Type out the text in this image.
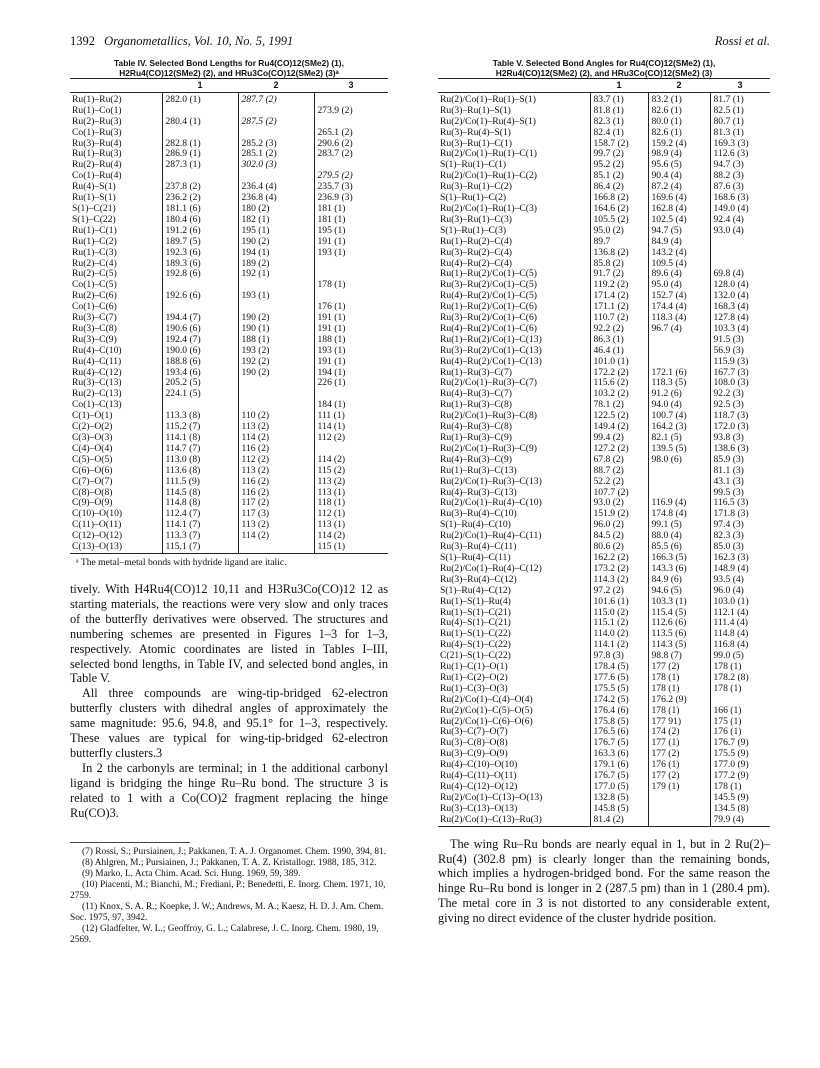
1392 Organometallics, Vol. 10, No. 5, 1991	Rossi et al.
Table IV. Selected Bond Lengths for Ru4(CO)12(SMe2) (1),
H2Ru4(CO)12(SMe2) (2), and HRu3Co(CO)12(SMe2) (3)ᵃ
	1	2	3
Ru(1)–Ru(2)	282.0 (1)	287.7 (2)	
Ru(1)–Co(1)			273.9 (2)
Ru(2)–Ru(3)	280.4 (1)	287.5 (2)	
Co(1)–Ru(3)			265.1 (2)
Ru(3)–Ru(4)	282.8 (1)	285.2 (3)	290.6 (2)
Ru(1)–Ru(3)	286.9 (1)	285.1 (2)	283.7 (2)
Ru(2)–Ru(4)	287.3 (1)	302.0 (3)	
Co(1)–Ru(4)			279.5 (2)
Ru(4)–S(1)	237.8 (2)	236.4 (4)	235.7 (3)
Ru(1)–S(1)	236.2 (2)	236.8 (4)	236.9 (3)
S(1)–C(21)	181.1 (6)	180 (2)	181 (1)
S(1)–C(22)	180.4 (6)	182 (1)	181 (1)
Ru(1)–C(1)	191.2 (6)	195 (1)	195 (1)
Ru(1)–C(2)	189.7 (5)	190 (2)	191 (1)
Ru(1)–C(3)	192.3 (6)	194 (1)	193 (1)
Ru(2)–C(4)	189.3 (6)	189 (2)	
Ru(2)–C(5)	192.8 (6)	192 (1)	
Co(1)–C(5)			178 (1)
Ru(2)–C(6)	192.6 (6)	193 (1)	
Co(1)–C(6)			176 (1)
Ru(3)–C(7)	194.4 (7)	190 (2)	191 (1)
Ru(3)–C(8)	190.6 (6)	190 (1)	191 (1)
Ru(3)–C(9)	192.4 (7)	188 (1)	188 (1)
Ru(4)–C(10)	190.0 (6)	193 (2)	193 (1)
Ru(4)–C(11)	188.8 (6)	192 (2)	191 (1)
Ru(4)–C(12)	193.4 (6)	190 (2)	194 (1)
Ru(3)–C(13)	205.2 (5)		226 (1)
Ru(2)–C(13)	224.1 (5)		
Co(1)–C(13)			184 (1)
C(1)–O(1)	113.3 (8)	110 (2)	111 (1)
C(2)–O(2)	115.2 (7)	113 (2)	114 (1)
C(3)–O(3)	114.1 (8)	114 (2)	112 (2)
C(4)–O(4)	114.7 (7)	116 (2)	
C(5)–O(5)	113.0 (8)	112 (2)	114 (2)
C(6)–O(6)	113.6 (8)	113 (2)	115 (2)
C(7)–O(7)	111.5 (9)	116 (2)	113 (2)
C(8)–O(8)	114.5 (8)	116 (2)	113 (1)
C(9)–O(9)	114.8 (8)	117 (2)	118 (1)
C(10)–O(10)	112.4 (7)	117 (3)	112 (1)
C(11)–O(11)	114.1 (7)	113 (2)	113 (1)
C(12)–O(12)	113.3 (7)	114 (2)	114 (2)
C(13)–O(13)	115.1 (7)		115 (1)
ᵃ The metal–metal bonds with hydride ligand are italic.

tively. With H4Ru4(CO)12 10,11 and H3Ru3Co(CO)12 12 as starting materials, the reactions were very slow and only traces of the butterfly derivatives were observed. The structures and numbering schemes are presented in Figures 1–3 for 1–3, respectively. Atomic coordinates are listed in Tables I–III, selected bond lengths, in Table IV, and selected bond angles, in Table V.

All three compounds are wing-tip-bridged 62-electron butterfly clusters with dihedral angles of approximately the same magnitude: 95.6, 94.8, and 95.1° for 1–3, respectively. These values are typical for wing-tip-bridged 62-electron butterfly clusters.3

In 2 the carbonyls are terminal; in 1 the additional carbonyl ligand is bridging the hinge Ru–Ru bond. The structure 3 is related to 1 with a Co(CO)2 fragment replacing the hinge Ru(CO)3.

(7) Rossi, S.; Pursiainen, J.; Pakkanen, T. A. J. Organomet. Chem. 1990, 394, 81.

(8) Ahlgren, M.; Pursiainen, J.; Pakkanen, T. A. Z. Kristallogr. 1988, 185, 312.

(9) Marko, L. Acta Chim. Acad. Sci. Hung. 1969, 59, 389.

(10) Piacenti, M.; Bianchi, M.; Frediani, P.; Benedetti, E. Inorg. Chem. 1971, 10, 2759.

(11) Knox, S. A. R.; Koepke, J. W.; Andrews, M. A.; Kaesz, H. D. J. Am. Chem. Soc. 1975, 97, 3942.

(12) Gladfelter, W. L.; Geoffroy, G. L.; Calabrese, J. C. Inorg. Chem. 1980, 19, 2569.

Table V. Selected Bond Angles for Ru4(CO)12(SMe2) (1),
H2Ru4(CO)12(SMe2) (2), and HRu3Co(CO)12(SMe2) (3)
	1	2	3
Ru(2)/Co(1)–Ru(1)–S(1)	83.7 (1)	83.2 (1)	81.7 (1)
Ru(3)–Ru(1)–S(1)	81.8 (1)	82.6 (1)	82.5 (1)
Ru(2)/Co(1)–Ru(4)–S(1)	82.3 (1)	80.0 (1)	80.7 (1)
Ru(3)–Ru(4)–S(1)	82.4 (1)	82.6 (1)	81.3 (1)
Ru(3)–Ru(1)–C(1)	158.7 (2)	159.2 (4)	169.3 (3)
Ru(2)/Co(1)–Ru(1)–C(1)	99.7 (2)	98.9 (4)	112.6 (3)
S(1)–Ru(1)–C(1)	95.2 (2)	95.6 (5)	94.7 (3)
Ru(2)/Co(1)–Ru(1)–C(2)	85.1 (2)	90.4 (4)	88.2 (3)
Ru(3)–Ru(1)–C(2)	86.4 (2)	87.2 (4)	87.6 (3)
S(1)–Ru(1)–C(2)	166.8 (2)	169.6 (4)	168.6 (3)
Ru(2)/Co(1)–Ru(1)–C(3)	164.6 (2)	162.8 (4)	149.0 (4)
Ru(3)–Ru(1)–C(3)	105.5 (2)	102.5 (4)	92.4 (4)
S(1)–Ru(1)–C(3)	95.0 (2)	94.7 (5)	93.0 (4)
Ru(1)–Ru(2)–C(4)	89.7	84.9 (4)	
Ru(3)–Ru(2)–C(4)	136.8 (2)	143.2 (4)	
Ru(4)–Ru(2)–C(4)	85.8 (2)	109.5 (4)	
Ru(1)–Ru(2)/Co(1)–C(5)	91.7 (2)	89.6 (4)	69.8 (4)
Ru(3)–Ru(2)/Co(1)–C(5)	119.2 (2)	95.0 (4)	128.0 (4)
Ru(4)–Ru(2)/Co(1)–C(5)	171.4 (2)	152.7 (4)	132.0 (4)
Ru(1)–Ru(2)/Co(1)–C(6)	171.1 (2)	174.4 (4)	168.3 (4)
Ru(3)–Ru(2)/Co(1)–C(6)	110.7 (2)	118.3 (4)	127.8 (4)
Ru(4)–Ru(2)/Co(1)–C(6)	92.2 (2)	96.7 (4)	103.3 (4)
Ru(1)–Ru(2)/Co(1)–C(13)	86.3 (1)		91.5 (3)
Ru(3)–Ru(2)/Co(1)–C(13)	46.4 (1)		56.9 (3)
Ru(4)–Ru(2)/Co(1)–C(13)	101.0 (1)		115.9 (3)
Ru(1)–Ru(3)–C(7)	172.2 (2)	172.1 (6)	167.7 (3)
Ru(2)/Co(1)–Ru(3)–C(7)	115.6 (2)	118.3 (5)	108.0 (3)
Ru(4)–Ru(3)–C(7)	103.2 (2)	91.2 (6)	92.2 (3)
Ru(1)–Ru(3)–C(8)	78.1 (2)	94.0 (4)	92.5 (3)
Ru(2)/Co(1)–Ru(3)–C(8)	122.5 (2)	100.7 (4)	118.7 (3)
Ru(4)–Ru(3)–C(8)	149.4 (2)	164.2 (3)	172.0 (3)
Ru(1)–Ru(3)–C(9)	99.4 (2)	82.1 (5)	93.8 (3)
Ru(2)/Co(1)–Ru(3)–C(9)	127.2 (2)	139.5 (5)	138.6 (3)
Ru(4)–Ru(3)–C(9)	67.8 (2)	98.0 (6)	85.9 (3)
Ru(1)–Ru(3)–C(13)	88.7 (2)		81.1 (3)
Ru(2)/Co(1)–Ru(3)–C(13)	52.2 (2)		43.1 (3)
Ru(4)–Ru(3)–C(13)	107.7 (2)		99.5 (3)
Ru(2)/Co(1)–Ru(4)–C(10)	93.0 (2)	116.9 (4)	116.5 (3)
Ru(3)–Ru(4)–C(10)	151.9 (2)	174.8 (4)	171.8 (3)
S(1)–Ru(4)–C(10)	96.0 (2)	99.1 (5)	97.4 (3)
Ru(2)/Co(1)–Ru(4)–C(11)	84.5 (2)	88.0 (4)	82.3 (3)
Ru(3)–Ru(4)–C(11)	80.6 (2)	85.5 (6)	85.0 (3)
S(1)–Ru(4)–C(11)	162.2 (2)	166.3 (5)	162.3 (3)
Ru(2)/Co(1)–Ru(4)–C(12)	173.2 (2)	143.3 (6)	148.9 (4)
Ru(3)–Ru(4)–C(12)	114.3 (2)	84.9 (6)	93.5 (4)
S(1)–Ru(4)–C(12)	97.2 (2)	94.6 (5)	96.0 (4)
Ru(1)–S(1)–Ru(4)	101.6 (1)	103.3 (1)	103.0 (1)
Ru(1)–S(1)–C(21)	115.0 (2)	115.4 (5)	112.1 (4)
Ru(4)–S(1)–C(21)	115.1 (2)	112.6 (6)	111.4 (4)
Ru(1)–S(1)–C(22)	114.0 (2)	113.5 (6)	114.8 (4)
Ru(4)–S(1)–C(22)	114.1 (2)	114.3 (5)	116.8 (4)
C(21)–S(1)–C(22)	97.8 (3)	98.8 (7)	99.0 (5)
Ru(1)–C(1)–O(1)	178.4 (5)	177 (2)	178 (1)
Ru(1)–C(2)–O(2)	177.6 (5)	178 (1)	178.2 (8)
Ru(1)–C(3)–O(3)	175.5 (5)	178 (1)	178 (1)
Ru(2)/Co(1)–C(4)–O(4)	174.2 (5)	176.2 (9)	
Ru(2)/Co(1)–C(5)–O(5)	176.4 (6)	178 (1)	166 (1)
Ru(2)/Co(1)–C(6)–O(6)	175.8 (5)	177 91)	175 (1)
Ru(3)–C(7)–O(7)	176.5 (6)	174 (2)	176 (1)
Ru(3)–C(8)–O(8)	176.7 (5)	177 (1)	176.7 (9)
Ru(3)–C(9)–O(9)	163.3 (6)	177 (2)	175.5 (9)
Ru(4)–C(10)–O(10)	179.1 (6)	176 (1)	177.0 (9)
Ru(4)–C(11)–O(11)	176.7 (5)	177 (2)	177.2 (9)
Ru(4)–C(12)–O(12)	177.0 (5)	179 (1)	178 (1)
Ru(2)/Co(1)–C(13)–O(13)	132.8 (5)		145.5 (9)
Ru(3)–C(13)–O(13)	145.8 (5)		134.5 (8)
Ru(2)/Co(1)–C(13)–Ru(3)	81.4 (2)		79.9 (4)

The wing Ru–Ru bonds are nearly equal in 1, but in 2 Ru(2)–Ru(4) (302.8 pm) is clearly longer than the remaining bonds, which implies a hydrogen-bridged bond. For the same reason the hinge Ru–Ru bond is longer in 2 (287.5 pm) than in 1 (280.4 pm). The metal core in 3 is not distorted to any considerable extent, giving no direct evidence of the cluster hydride position.
